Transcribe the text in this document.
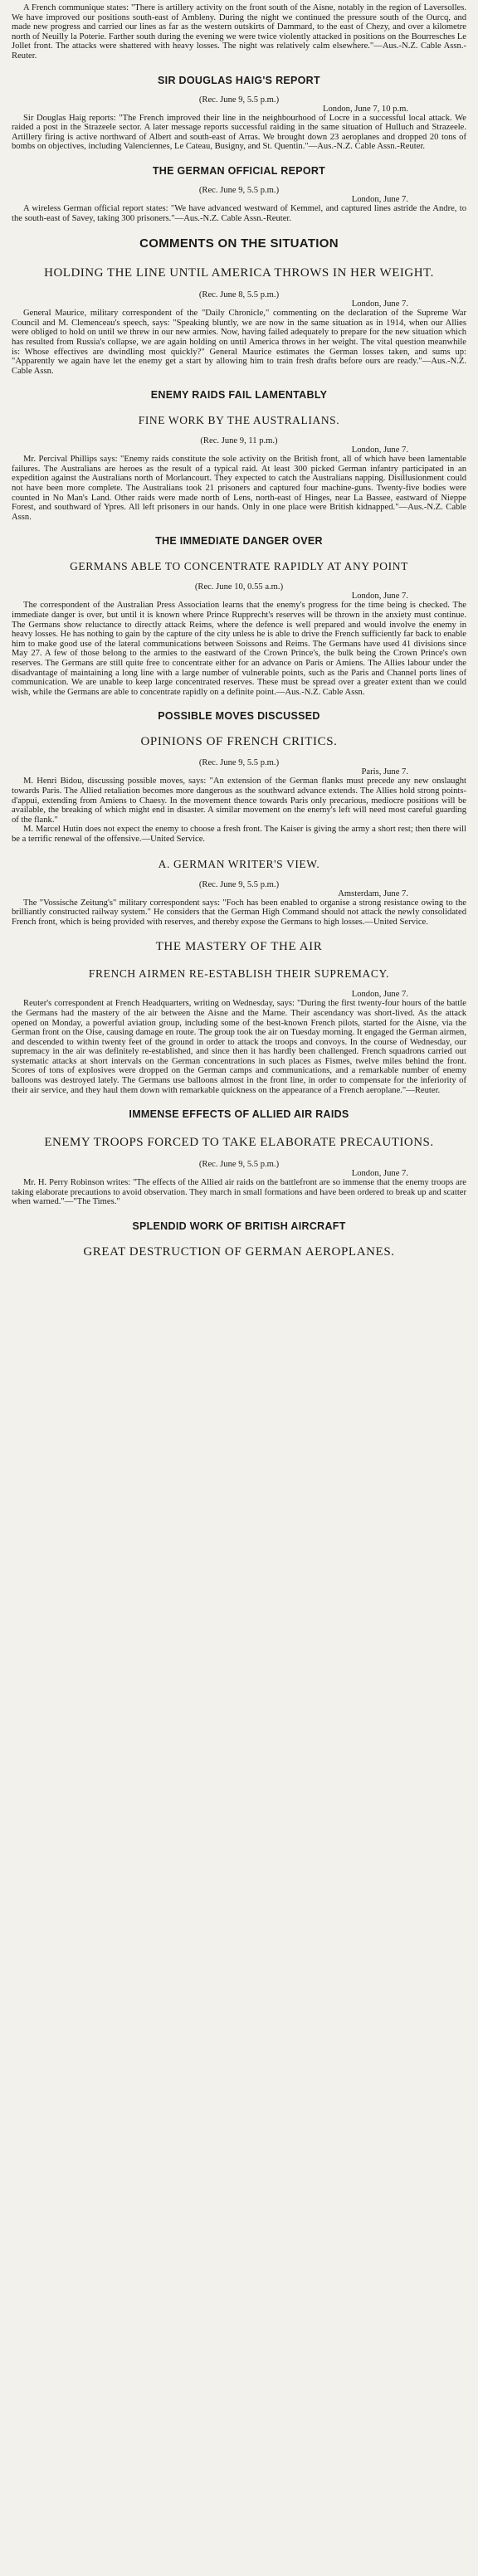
A French communique states: "There is artillery activity on the front south of the Aisne, notably in the region of Laversolles. We have improved our positions south-east of Ambleny. During the night we continued the pressure south of the Ourcq, and made new progress and carried our lines as far as the western outskirts of Dammard, to the east of Chezy, and over a kilometre north of Neuilly la Poterie. Farther south during the evening we were twice violently attacked in positions on the Bourresches Le Jollet front. The attacks were shattered with heavy losses. The night was relatively calm elsewhere."—Aus.-N.Z. Cable Assn.-Reuter.

SIR DOUGLAS HAIG'S REPORT

(Rec. June 9, 5.5 p.m.)

London, June 7, 10 p.m.

Sir Douglas Haig reports: "The French improved their line in the neighbourhood of Locre in a successful local attack. We raided a post in the Strazeele sector. A later message reports successful raiding in the same situation of Hulluch and Strazeele. Artillery firing is active northward of Albert and south-east of Arras. We brought down 23 aeroplanes and dropped 20 tons of bombs on objectives, including Valenciennes, Le Cateau, Busigny, and St. Quentin."—Aus.-N.Z. Cable Assn.-Reuter.

THE GERMAN OFFICIAL REPORT

(Rec. June 9, 5.5 p.m.)

London, June 7.

A wireless German official report states: "We have advanced westward of Kemmel, and captured lines astride the Andre, to the south-east of Savey, taking 300 prisoners."—Aus.-N.Z. Cable Assn.-Reuter.

COMMENTS ON THE SITUATION
HOLDING THE LINE UNTIL AMERICA THROWS IN HER WEIGHT.

(Rec. June 8, 5.5 p.m.)

London, June 7.

General Maurice, military correspondent of the "Daily Chronicle," commenting on the declaration of the Supreme War Council and M. Clemenceau's speech, says: "Speaking bluntly, we are now in the same situation as in 1914, when our Allies were obliged to hold on until we threw in our new armies. Now, having failed adequately to prepare for the new situation which has resulted from Russia's collapse, we are again holding on until America throws in her weight. The vital question meanwhile is: Whose effectives are dwindling most quickly?" General Maurice estimates the German losses taken, and sums up: "Apparently we again have let the enemy get a start by allowing him to train fresh drafts before ours are ready."—Aus.-N.Z. Cable Assn.

ENEMY RAIDS FAIL LAMENTABLY
FINE WORK BY THE AUSTRALIANS.

(Rec. June 9, 11 p.m.)

London, June 7.

Mr. Percival Phillips says: "Enemy raids constitute the sole activity on the British front, all of which have been lamentable failures. The Australians are heroes as the result of a typical raid. At least 300 picked German infantry participated in an expedition against the Australians north of Morlancourt. They expected to catch the Australians napping. Disillusionment could not have been more complete. The Australians took 21 prisoners and captured four machine-guns. Twenty-five bodies were counted in No Man's Land. Other raids were made north of Lens, north-east of Hinges, near La Bassee, eastward of Nieppe Forest, and southward of Ypres. All left prisoners in our hands. Only in one place were British kidnapped."—Aus.-N.Z. Cable Assn.

THE IMMEDIATE DANGER OVER
GERMANS ABLE TO CONCENTRATE RAPIDLY AT ANY POINT

(Rec. June 10, 0.55 a.m.)

London, June 7.

The correspondent of the Australian Press Association learns that the enemy's progress for the time being is checked. The immediate danger is over, but until it is known where Prince Rupprecht's reserves will be thrown in the anxiety must continue. The Germans show reluctance to directly attack Reims, where the defence is well prepared and would involve the enemy in heavy losses. He has nothing to gain by the capture of the city unless he is able to drive the French sufficiently far back to enable him to make good use of the lateral communications between Soissons and Reims. The Germans have used 41 divisions since May 27. A few of those belong to the armies to the eastward of the Crown Prince's, the bulk being the Crown Prince's own reserves. The Germans are still quite free to concentrate either for an advance on Paris or Amiens. The Allies labour under the disadvantage of maintaining a long line with a large number of vulnerable points, such as the Paris and Channel ports lines of communication. We are unable to keep large concentrated reserves. These must be spread over a greater extent than we could wish, while the Germans are able to concentrate rapidly on a definite point.—Aus.-N.Z. Cable Assn.

POSSIBLE MOVES DISCUSSED
OPINIONS OF FRENCH CRITICS.

(Rec. June 9, 5.5 p.m.)

Paris, June 7.

M. Henri Bidou, discussing possible moves, says: "An extension of the German flanks must precede any new onslaught towards Paris. The Allied retaliation becomes more dangerous as the southward advance extends. The Allies hold strong points-d'appui, extending from Amiens to Chaesy. In the movement thence towards Paris only precarious, mediocre positions will be available, the breaking of which might end in disaster. A similar movement on the enemy's left will need most careful guarding of the flank."

M. Marcel Hutin does not expect the enemy to choose a fresh front. The Kaiser is giving the army a short rest; then there will be a terrific renewal of the offensive.—United Service.

A. GERMAN WRITER'S VIEW.

(Rec. June 9, 5.5 p.m.)

Amsterdam, June 7.

The "Vossische Zeitung's" military correspondent says: "Foch has been enabled to organise a strong resistance owing to the brilliantly constructed railway system." He considers that the German High Command should not attack the newly consolidated French front, which is being provided with reserves, and thereby expose the Germans to high losses.—United Service.

THE MASTERY OF THE AIR
FRENCH AIRMEN RE-ESTABLISH THEIR SUPREMACY.

London, June 7.

Reuter's correspondent at French Headquarters, writing on Wednesday, says: "During the first twenty-four hours of the battle the Germans had the mastery of the air between the Aisne and the Marne. Their ascendancy was short-lived. As the attack opened on Monday, a powerful aviation group, including some of the best-known French pilots, started for the Aisne, via the German front on the Oise, causing damage en route. The group took the air on Tuesday morning. It engaged the German airmen, and descended to within twenty feet of the ground in order to attack the troops and convoys. In the course of Wednesday, our supremacy in the air was definitely re-established, and since then it has hardly been challenged. French squadrons carried out systematic attacks at short intervals on the German concentrations in such places as Fismes, twelve miles behind the front. Scores of tons of explosives were dropped on the German camps and communications, and a remarkable number of enemy balloons was destroyed lately. The Germans use balloons almost in the front line, in order to compensate for the inferiority of their air service, and they haul them down with remarkable quickness on the appearance of a French aeroplane."—Reuter.

IMMENSE EFFECTS OF ALLIED AIR RAIDS
ENEMY TROOPS FORCED TO TAKE ELABORATE PRECAUTIONS.

(Rec. June 9, 5.5 p.m.)

London, June 7.

Mr. H. Perry Robinson writes: "The effects of the Allied air raids on the battlefront are so immense that the enemy troops are taking elaborate precautions to avoid observation. They march in small formations and have been ordered to break up and scatter when warned."—"The Times."

SPLENDID WORK OF BRITISH AIRCRAFT
GREAT DESTRUCTION OF GERMAN AEROPLANES.
